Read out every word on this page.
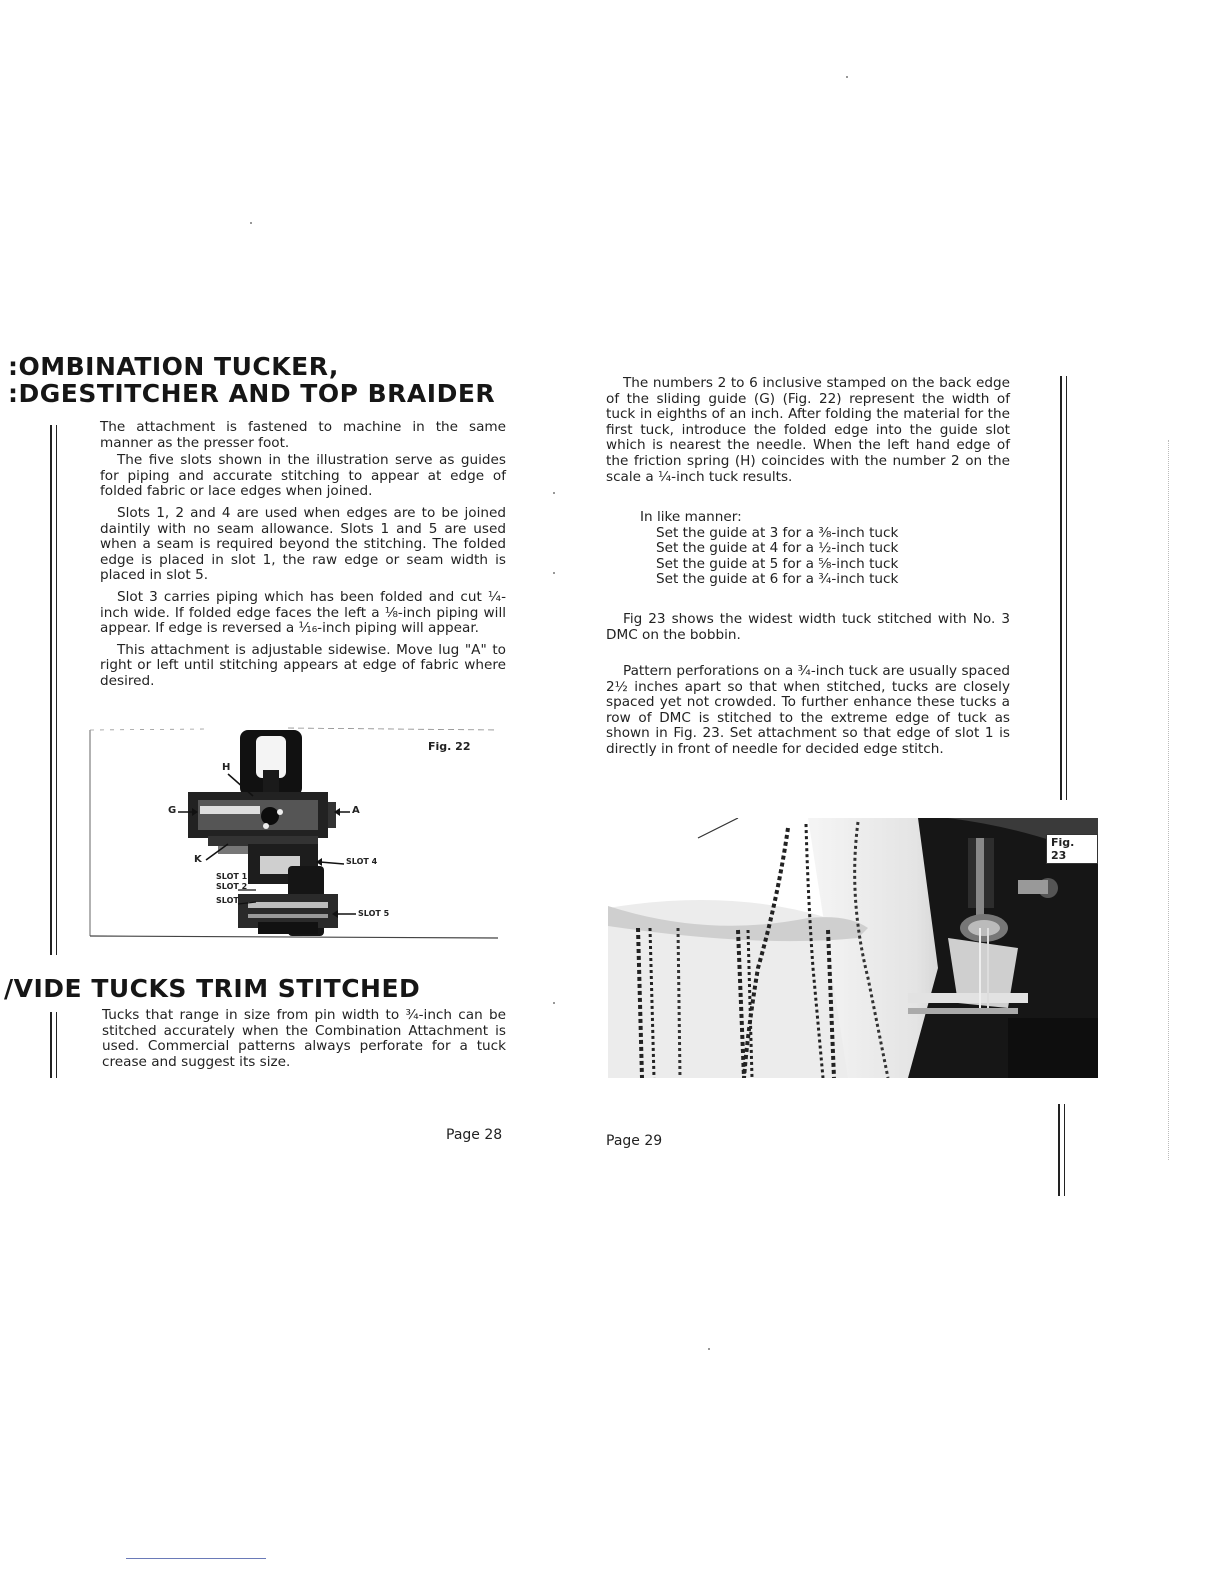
:OMBINATION TUCKER,
:DGESTITCHER AND TOP BRAIDER

The attachment is fastened to machine in the same manner as the presser foot.

The five slots shown in the illustration serve as guides for piping and accurate stitching to appear at edge of folded fabric or lace edges when joined.

Slots 1, 2 and 4 are used when edges are to be joined daintily with no seam allowance. Slots 1 and 5 are used when a seam is required beyond the stitching. The folded edge is placed in slot 1, the raw edge or seam width is placed in slot 5.

Slot 3 carries piping which has been folded and cut ¼-inch wide. If folded edge faces the left a ⅛-inch piping will appear. If edge is reversed a ¹⁄₁₆-inch piping will appear.

This attachment is adjustable sidewise. Move lug "A" to right or left until stitching appears at edge of fabric where desired.

Fig. 22
H
G	A
K	SLOT 4
SLOT 1
SLOT 2
SLOT
SLOT 5
/VIDE TUCKS TRIM STITCHED

Tucks that range in size from pin width to ¾-inch can be stitched accurately when the Combination Attachment is used. Commercial patterns always perforate for a tuck crease and suggest its size.

Page 28

The numbers 2 to 6 inclusive stamped on the back edge of the sliding guide (G) (Fig. 22) represent the width of tuck in eighths of an inch. After folding the material for the first tuck, introduce the folded edge into the guide slot which is nearest the needle. When the left hand edge of the friction spring (H) coincides with the number 2 on the scale a ¼-inch tuck results.

In like manner:

Set the guide at 3 for a ⅜-inch tuck
Set the guide at 4 for a ½-inch tuck
Set the guide at 5 for a ⅝-inch tuck
Set the guide at 6 for a ¾-inch tuck

Fig 23 shows the widest width tuck stitched with No. 3 DMC on the bobbin.

Pattern perforations on a ¾-inch tuck are usually spaced 2½ inches apart so that when stitched, tucks are closely spaced yet not crowded. To further enhance these tucks a row of DMC is stitched to the extreme edge of tuck as shown in Fig. 23. Set attachment so that edge of slot 1 is directly in front of needle for decided edge stitch.

Fig. 23
Page 29
